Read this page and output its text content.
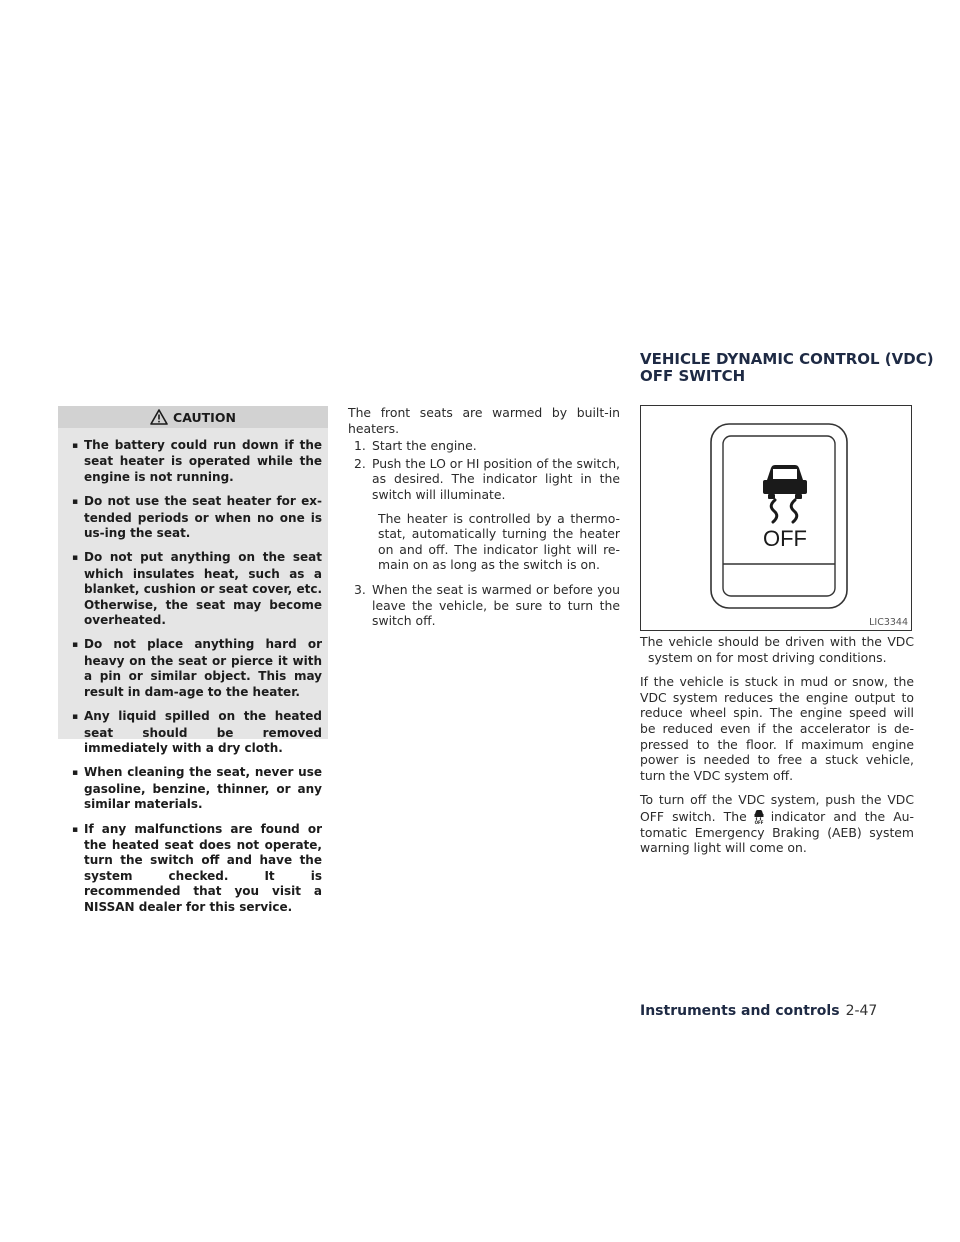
CAUTION
▪ The battery could run down if the seat heater is operated while the engine is not running.
▪ Do not use the seat heater for ex-tended periods or when no one is us-ing the seat.
▪ Do not put anything on the seat which insulates heat, such as a blanket, cushion or seat cover, etc. Otherwise, the seat may become overheated.
▪ Do not place anything hard or heavy on the seat or pierce it with a pin or similar object. This may result in dam-age to the heater.
▪ Any liquid spilled on the heated seat should be removed immediately with a dry cloth.
▪ When cleaning the seat, never use gasoline, benzine, thinner, or any similar materials.
▪ If any malfunctions are found or the heated seat does not operate, turn the switch off and have the system checked. It is recommended that you visit a NISSAN dealer for this service.

The front seats are warmed by built-in heaters.

1. Start the engine.
2. Push the LO or HI position of the switch, as desired. The indicator light in the switch will illuminate.
The heater is controlled by a thermo-stat, automatically turning the heater on and off. The indicator light will re-main on as long as the switch is on.
3. When the seat is warmed or before you leave the vehicle, be sure to turn the switch off.
VEHICLE DYNAMIC CONTROL (VDC)
OFF SWITCH
OFF
LIC3344

The vehicle should be driven with the VDC system on for most driving conditions.

If the vehicle is stuck in mud or snow, the VDC system reduces the engine output to reduce wheel spin. The engine speed will be reduced even if the accelerator is de-pressed to the floor. If maximum engine power is needed to free a stuck vehicle, turn the VDC system off.

To turn off the VDC system, push the VDC OFF switch. The OFF indicator and the Au-tomatic Emergency Braking (AEB) system warning light will come on.

Instruments and controls 2-47
